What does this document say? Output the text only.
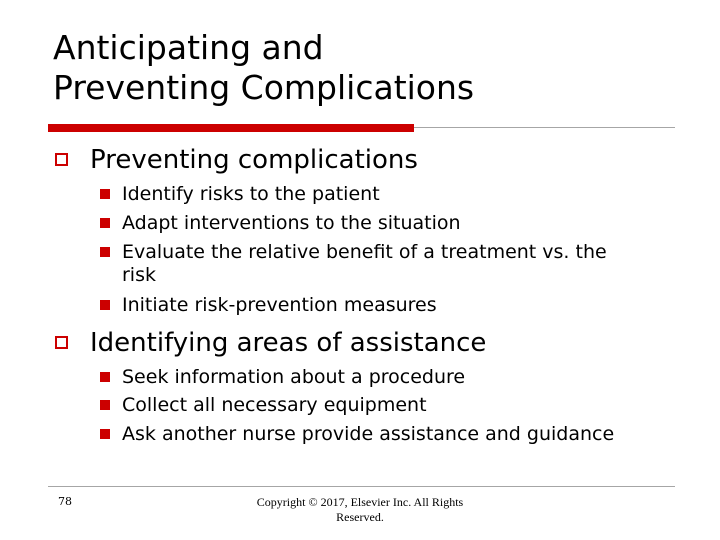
Anticipating and
Preventing Complications
Preventing complications
Identify risks to the patient
Adapt interventions to the situation
Evaluate the relative benefit of a treatment vs. the risk
Initiate risk-prevention measures
Identifying areas of assistance
Seek information about a procedure
Collect all necessary equipment
Ask another nurse provide assistance and guidance
78	Copyright © 2017, Elsevier Inc. All Rights
Reserved.
